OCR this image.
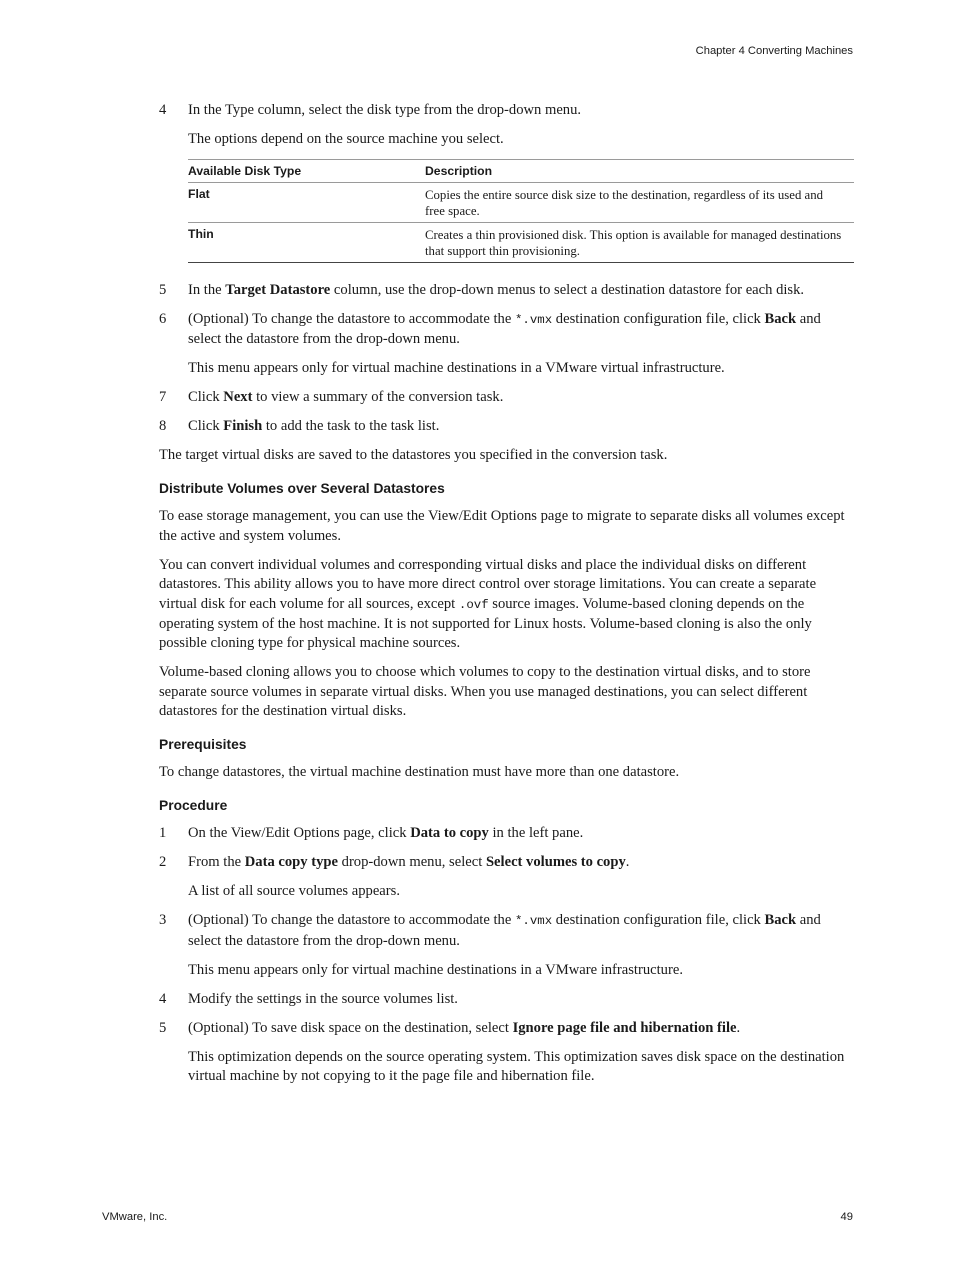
Chapter 4 Converting Machines
4 In the Type column, select the disk type from the drop-down menu.

The options depend on the source machine you select.

Available Disk Type	Description
Flat	Copies the entire source disk size to the destination, regardless of its used and free space.
Thin	Creates a thin provisioned disk. This option is available for managed destinations that support thin provisioning.
5 In the Target Datastore column, use the drop-down menus to select a destination datastore for each disk.
6 (Optional) To change the datastore to accommodate the *.vmx destination configuration file, click Back and select the datastore from the drop-down menu.

This menu appears only for virtual machine destinations in a VMware virtual infrastructure.

7 Click Next to view a summary of the conversion task.
8 Click Finish to add the task to the task list.

The target virtual disks are saved to the datastores you specified in the conversion task.

Distribute Volumes over Several Datastores

To ease storage management, you can use the View/Edit Options page to migrate to separate disks all volumes except the active and system volumes.

You can convert individual volumes and corresponding virtual disks and place the individual disks on different datastores. This ability allows you to have more direct control over storage limitations. You can create a separate virtual disk for each volume for all sources, except .ovf source images. Volume-based cloning depends on the operating system of the host machine. It is not supported for Linux hosts. Volume-based cloning is also the only possible cloning type for physical machine sources.

Volume-based cloning allows you to choose which volumes to copy to the destination virtual disks, and to store separate source volumes in separate virtual disks. When you use managed destinations, you can select different datastores for the destination virtual disks.

Prerequisites

To change datastores, the virtual machine destination must have more than one datastore.

Procedure
1 On the View/Edit Options page, click Data to copy in the left pane.
2 From the Data copy type drop-down menu, select Select volumes to copy.

A list of all source volumes appears.

3 (Optional) To change the datastore to accommodate the *.vmx destination configuration file, click Back and select the datastore from the drop-down menu.

This menu appears only for virtual machine destinations in a VMware infrastructure.

4 Modify the settings in the source volumes list.
5 (Optional) To save disk space on the destination, select Ignore page file and hibernation file.

This optimization depends on the source operating system. This optimization saves disk space on the destination virtual machine by not copying to it the page file and hibernation file.

VMware, Inc.	49
